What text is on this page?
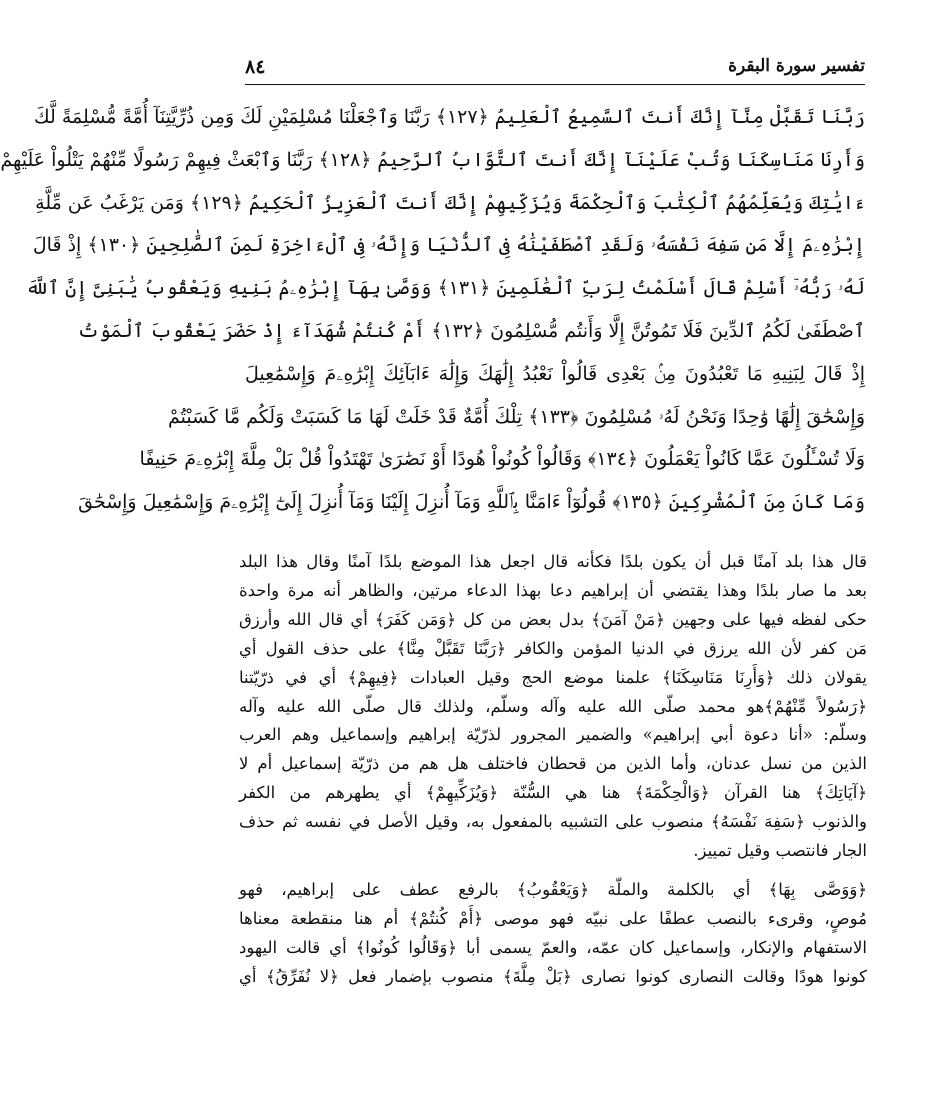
٨٤	تفسير سورة البقرة
رَبَّنَا تَقَبَّلْ مِنَّآ إِنَّكَ أَنتَ ٱلسَّمِيعُ ٱلْعَلِيمُ ﴿١٢٧﴾ رَبَّنَا وَٱجْعَلْنَا مُسْلِمَيْنِ لَكَ وَمِن ذُرِّيَّتِنَآ أُمَّةً مُّسْلِمَةً لَّكَ
وَأَرِنَا مَنَاسِكَنَا وَتُبْ عَلَيْنَآ إِنَّكَ أَنتَ ٱلتَّوَّابُ ٱلرَّحِيمُ ﴿١٢٨﴾ رَبَّنَا وَٱبْعَثْ فِيهِمْ رَسُولًا مِّنْهُمْ يَتْلُواْ عَلَيْهِمْ
ءَايَٰتِكَ وَيُعَلِّمُهُمُ ٱلْكِتَٰبَ وَٱلْحِكْمَةَ وَيُزَكِّيهِمْ إِنَّكَ أَنتَ ٱلْعَزِيزُ ٱلْحَكِيمُ ﴿١٢٩﴾ وَمَن يَرْغَبُ عَن مِّلَّةِ
إِبْرَٰهِۦمَ إِلَّا مَن سَفِهَ نَفْسَهُۥ وَلَقَدِ ٱصْطَفَيْنَٰهُ فِى ٱلدُّنْيَا وَإِنَّهُۥ فِى ٱلْءَاخِرَةِ لَمِنَ ٱلصَّٰلِحِينَ ﴿١٣٠﴾ إِذْ قَالَ
لَهُۥ رَبُّهُۥٓ أَسْلِمْ قَالَ أَسْلَمْتُ لِرَبِّ ٱلْعَٰلَمِينَ ﴿١٣١﴾ وَوَصَّىٰ بِهَآ إِبْرَٰهِۦمُ بَنِيهِ وَيَعْقُوبُ يَٰبَنِىَّ إِنَّ ٱللَّهَ
ٱصْطَفَىٰ لَكُمُ ٱلدِّينَ فَلَا تَمُوتُنَّ إِلَّا وَأَنتُم مُّسْلِمُونَ ﴿١٣٢﴾ أَمْ كُنتُمْ شُهَدَآءَ إِذْ حَضَرَ يَعْقُوبَ ٱلْمَوْتُ
إِذْ قَالَ لِبَنِيهِ مَا تَعْبُدُونَ مِنۢ بَعْدِى قَالُواْ نَعْبُدُ إِلَٰهَكَ وَإِلَٰهَ ءَابَآئِكَ إِبْرَٰهِۦمَ وَإِسْمَٰعِيلَ
وَإِسْحَٰقَ إِلَٰهًا وَٰحِدًا وَنَحْنُ لَهُۥ مُسْلِمُونَ ﴿١٣٣﴾ تِلْكَ أُمَّةٌ قَدْ خَلَتْ لَهَا مَا كَسَبَتْ وَلَكُم مَّا كَسَبْتُمْ
وَلَا تُسْـَٔلُونَ عَمَّا كَانُواْ يَعْمَلُونَ ﴿١٣٤﴾ وَقَالُواْ كُونُواْ هُودًا أَوْ نَصَٰرَىٰ تَهْتَدُواْ قُلْ بَلْ مِلَّةَ إِبْرَٰهِۦمَ حَنِيفًا
وَمَا كَانَ مِنَ ٱلْمُشْرِكِينَ ﴿١٣٥﴾ قُولُوٓاْ ءَامَنَّا بِٱللَّهِ وَمَآ أُنزِلَ إِلَيْنَا وَمَآ أُنزِلَ إِلَىٰٓ إِبْرَٰهِۦمَ وَإِسْمَٰعِيلَ وَإِسْحَٰقَ
قال هذا بلد آمنًا قبل أن يكون بلدًا فكأنه قال اجعل هذا الموضع بلدًا آمنًا وقال هذا البلد
بعد ما صار بلدًا وهذا يقتضي أن إبراهيم دعا بهذا الدعاء مرتين، والظاهر أنه مرة واحدة
حكى لفظه فيها على وجهين ﴿مَنْ آمَنَ﴾ بدل بعض من كل ﴿وَمَن كَفَرَ﴾ أي قال الله وأرزق
مَن كفر لأن الله يرزق في الدنيا المؤمن والكافر ﴿رَبَّنَا تَقَبَّلْ مِنَّا﴾ على حذف القول أي
يقولان ذلك ﴿وَأَرِنَا مَنَاسِكَنَا﴾ علمنا موضع الحج وقيل العبادات ﴿فِيهِمْ﴾ أي في ذرّيّتنا
﴿رَسُولاً مِّنْهُمْ﴾هو محمد صلّى الله عليه وآله وسلّم، ولذلك قال صلّى الله عليه وآله
وسلّم: «أنا دعوة أبي إبراهيم» والضمير المجرور لذرّيّة إبراهيم وإسماعيل وهم العرب
الذين من نسل عدنان، وأما الذين من قحطان فاختلف هل هم من ذرّيّة إسماعيل أم لا
﴿آيَاتِكَ﴾ هنا القرآن ﴿وَالْحِكْمَةَ﴾ هنا هي السُّنّة ﴿وَيُزَكِّيهِمْ﴾ أي يطهرهم من الكفر
والذنوب ﴿سَفِهَ نَفْسَهُ﴾ منصوب على التشبيه بالمفعول به، وقيل الأصل في نفسه ثم حذف
الجار فانتصب وقيل تمييز.
﴿وَوَصَّى بِهَا﴾ أي بالكلمة والملّة ﴿وَيَعْقُوبُ﴾ بالرفع عطف على إبراهيم، فهو
مُوصٍ، وقرىء بالنصب عطفًا على نبيّه فهو موصى ﴿أَمْ كُنتُمْ﴾ أم هنا منقطعة معناها
الاستفهام والإنكار، وإسماعيل كان عمّه، والعمّ يسمى أبا ﴿وَقَالُوا كُونُوا﴾ أي قالت اليهود
كونوا هودًا وقالت النصارى كونوا نصارى ﴿بَلْ مِلَّةَ﴾ منصوب بإضمار فعل ﴿لا نُفَرِّقُ﴾ أي
